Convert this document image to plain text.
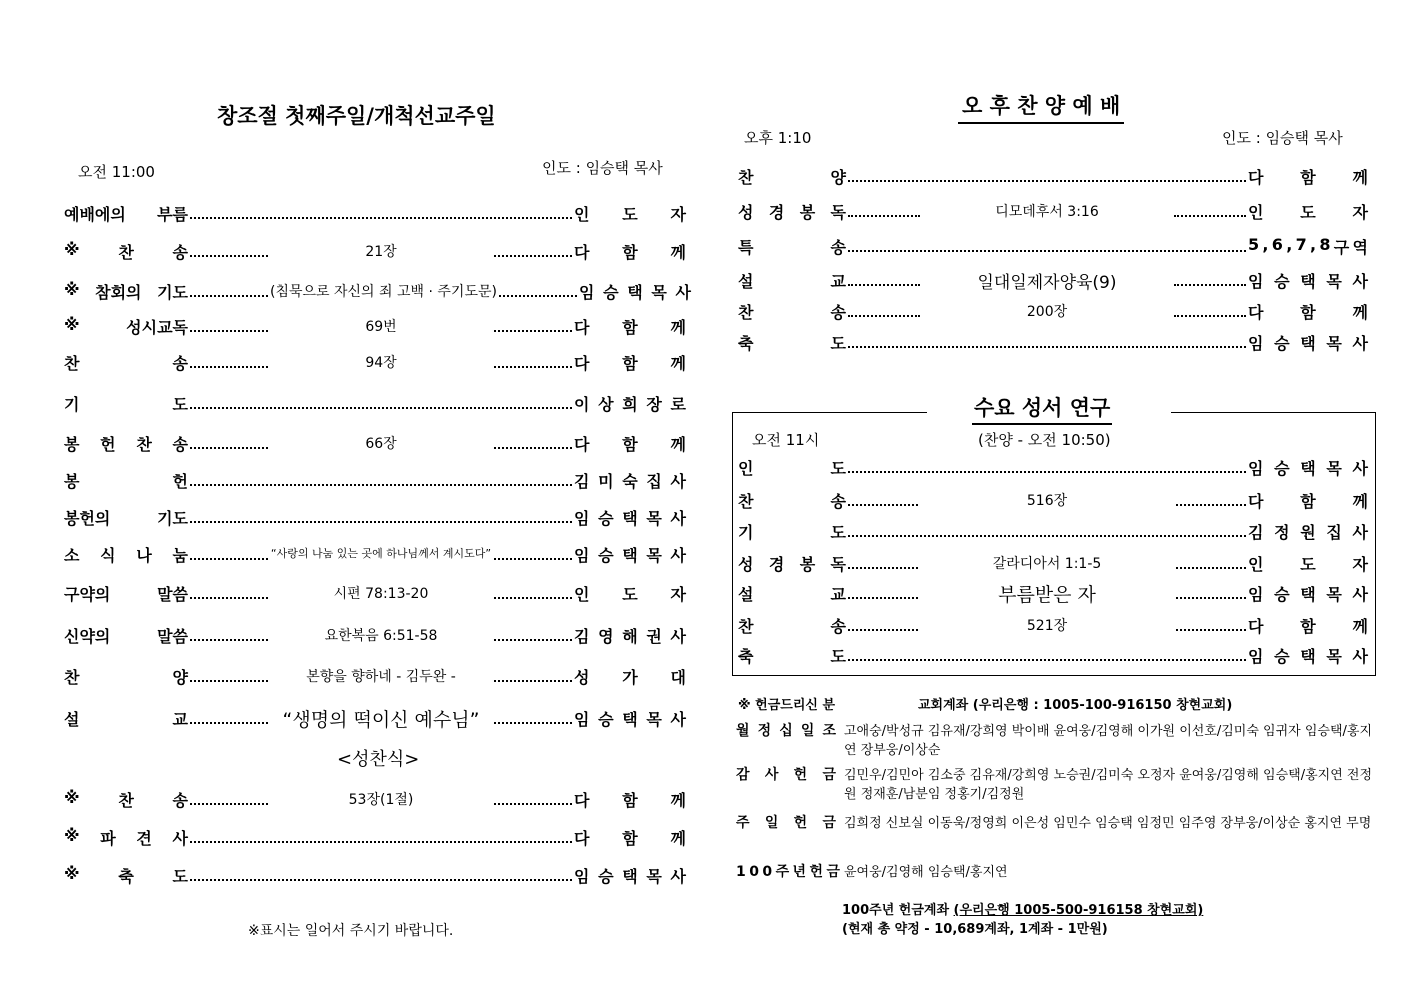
창조절 첫째주일/개척선교주일
오전 11:00	인도 : 임승택 목사
예배에의 부름	인 도 자
※ 찬 송	21장	다 함 께
※ 참회의 기도	(침묵으로 자신의 죄 고백 · 주기도문)	임 승 택 목 사
※	성시교독	69번	다 함 께
찬	송	94장	다 함 께
기	도	이 상 희 장 로
봉 헌 찬 송	66장	다 함 께
봉	헌	김 미 숙 집 사
봉헌의	기도	임 승 택 목 사
소 식 나 눔	“사랑의 나눔 있는 곳에 하나님께서 계시도다”	임 승 택 목 사
구약의	말씀	시편 78:13-20	인 도 자
신약의	말씀	요한복음 6:51-58	김 영 해 권 사
찬	양	본향을 향하네 - 김두완 -	성 가 대
설	교	“생명의 떡이신 예수님”	임 승 택 목 사
※ 찬 송	53장(1절)	다 함 께
※ 파 견 사	다 함 께
※ 축 도	임 승 택 목 사
<성찬식>
※표시는 일어서 주시기 바랍니다.
오 후 찬 양 예 배
오후 1:10	인도 : 임승택 목사
찬	양	다 함 께
성 경 봉 독	디모데후서 3:16	인 도 자
특	송	5 , 6 , 7 , 8 구 역
설	교	일대일제자양육(9)	임 승 택 목 사
찬	송	200장	다 함 께
축	도	임 승 택 목 사
수요 성서 연구
오전 11시	(찬양 - 오전 10:50)
인	도	임 승 택 목 사
찬	송	516장	다 함 께
기	도	김 정 원 집 사
성 경 봉 독	갈라디아서 1:1-5	인 도 자
설	교	부름받은 자	임 승 택 목 사
찬	송	521장	다 함 께
축	도	임 승 택 목 사
※ 헌금드리신 분	교회계좌 (우리은행 : 1005-100-916150 창현교회)
월 정 십 일 조 고애숭/박성규 김유재/강희영 박이배 윤여웅/김영해 이가원 이선호/김미숙 임귀자 임승택/홍지연 장부웅/이상순
감 사 헌 금 김민우/김민아 김소중 김유재/강희영 노승권/김미숙 오정자 윤여웅/김영해 임승택/홍지연 전정원 정재훈/남분임 정홍기/김정원
주 일 헌 금 김희정 신보실 이동욱/정영희 이은성 임민수 임승택 임정민 임주영 장부웅/이상순 홍지연 무명
1 0 0 주 년 헌 금 윤여웅/김영해 임승택/홍지연
100주년 헌금계좌 (우리은행 1005-500-916158 창현교회)
(현재 총 약정 - 10,689계좌, 1계좌 - 1만원)
